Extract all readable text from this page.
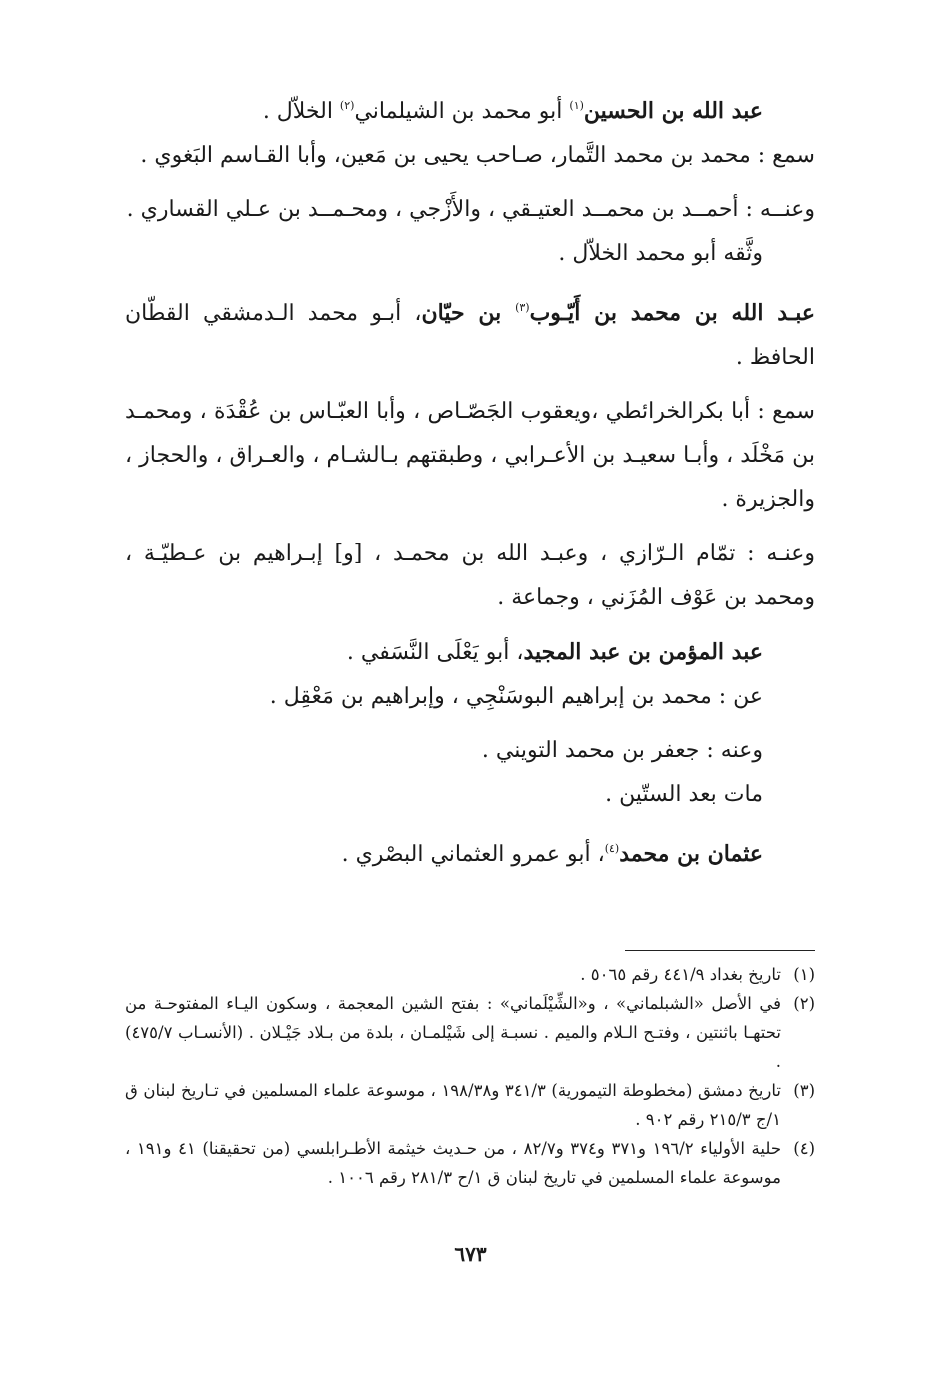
عبد الله بن الحسين$^{(١)}$ أبو محمد بن الشيلماني$^{(٢)}$ الخلاّل .

سمع : محمد بن محمد التَّمار، صـاحب يحيى بن مَعين، وأبا القـاسم البَغوي .

وعنــه : أحمــد بن محمــد العتيـقي ، والأَزْجي ، ومحـمــد بن عـلي القساري .

وثَّقه أبو محمد الخلاّل .

عبـد الله بن محمد بن أَيّـوب$^{(٣)}$ بن حيّان، أبـو محمد الـدمشقي القطّان الحافظ .

سمع : أبا بكرالخرائطي ،ويعقوب الجَصّـاص ، وأبا العبّـاس بن عُقْدَة ، ومحمـد بن مَخْلَد ، وأبـا سعيـد بن الأعـرابي ، وطبقتهم بـالشـام ، والعـراق ، والحجاز ، والجزيرة .

وعنـه : تمّام الـرّازي ، وعبـد الله بن محمـد ، [و] إبـراهيم بن عـطيّـة ، ومحمد بن عَوْف المُزَني ، وجماعة .

عبد المؤمن بن عبد المجيد، أبو يَعْلَى النَّسَفي .

عن : محمد بن إبراهيم البوسَنْجِي ، وإبراهيم بن مَعْقِل .

وعنه : جعفر بن محمد التويني .

مات بعد الستّين .

عثمان بن محمد$^{(٤)}$، أبو عمرو العثماني البصْري .

(١)
تاريخ بغداد ٤٤١/٩ رقم ٥٠٦٥ .

(٢)
في الأصل «الشبلماني» ، و«الشِّيْلَماني» : بفتح الشين المعجمة ، وسكون اليـاء المفتوحـة من تحتهـا باثنتين ، وفتـح الـلام والميم . نسبـة إلى شَيْلمـان ، بلدة من بـلاد جَيْـلان . (الأنسـاب ٤٧٥/٧) .

(٣)
تاريخ دمشق (مخطوطة التيمورية) ٣٤١/٣ و١٩٨/٣٨ ، موسوعة علماء المسلمين في تـاريخ لبنان ق ١/ج ٢١٥/٣ رقم ٩٠٢ .

(٤)
حلية الأولياء ١٩٦/٢ و٣٧١ و٣٧٤ و٨٢/٧ ، من حـديث خيثمة الأطـرابلسي (من تحقيقنا) ٤١ و١٩١ ، موسوعة علماء المسلمين في تاريخ لبنان ق ١/ح ٢٨١/٣ رقم ١٠٠٦ .

٦٧٣
